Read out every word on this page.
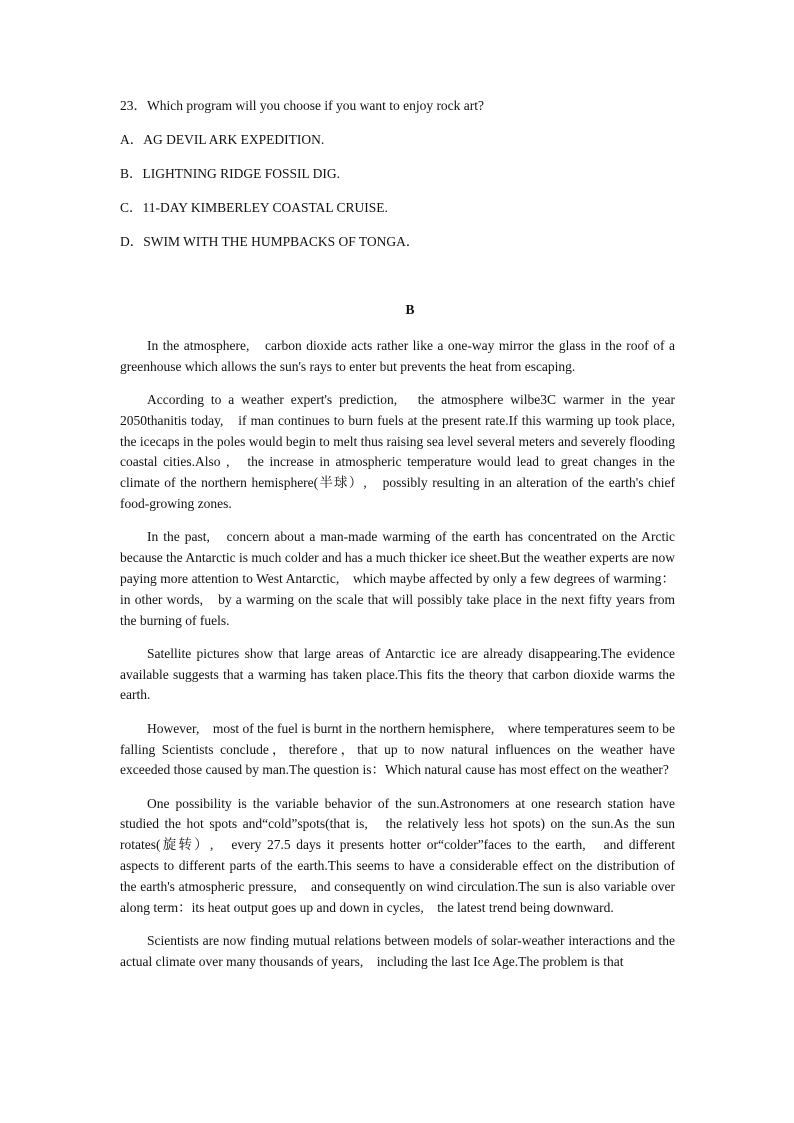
23．Which program will you choose if you want to enjoy rock art?

A．AG DEVIL ARK EXPEDITION.

B．LIGHTNING RIDGE FOSSIL DIG.

C．11-DAY KIMBERLEY COASTAL CRUISE.

D．SWIM WITH THE HUMPBACKS OF TONGA．

B

In the atmosphere,　carbon dioxide acts rather like a one-way mirror the glass in the roof of a greenhouse which allows the sun's rays to enter but prevents the heat from escaping.

According to a weather expert's prediction,　the atmosphere wilbe3C warmer in the year 2050thanitis today,　if man continues to burn fuels at the present rate.If this warming up took place,　the icecaps in the poles would begin to melt thus raising sea level several meters and severely flooding coastal cities.Also ,　the increase in atmospheric temperature would lead to great changes in the climate of the northern hemisphere(半球）,　possibly resulting in an alteration of the earth's chief food-growing zones.

In the past,　concern about a man-made warming of the earth has concentrated on the Arctic because the Antarctic is much colder and has a much thicker ice sheet.But the weather experts are now paying more attention to West Antarctic,　which maybe affected by only a few degrees of warming：in other words,　by a warming on the scale that will possibly take place in the next fifty years from the burning of fuels.

Satellite pictures show that large areas of Antarctic ice are already disappearing.The evidence available suggests that a warming has taken place.This fits the theory that carbon dioxide warms the earth.

However,　most of the fuel is burnt in the northern hemisphere,　where temperatures seem to be falling Scientists conclude，therefore，that up to now natural influences on the weather have exceeded those caused by man.The question is：Which natural cause has most effect on the weather?

One possibility is the variable behavior of the sun.Astronomers at one research station have studied the hot spots and“cold”spots(that is,　the relatively less hot spots) on the sun.As the sun rotates(旋转）,　every 27.5 days it presents hotter or“colder”faces to the earth,　and different aspects to different parts of the earth.This seems to have a considerable effect on the distribution of the earth's atmospheric pressure,　and consequently on wind circulation.The sun is also variable over along term：its heat output goes up and down in cycles,　the latest trend being downward.

Scientists are now finding mutual relations between models of solar-weather interactions and the actual climate over many thousands of years,　including the last Ice Age.The problem is that
